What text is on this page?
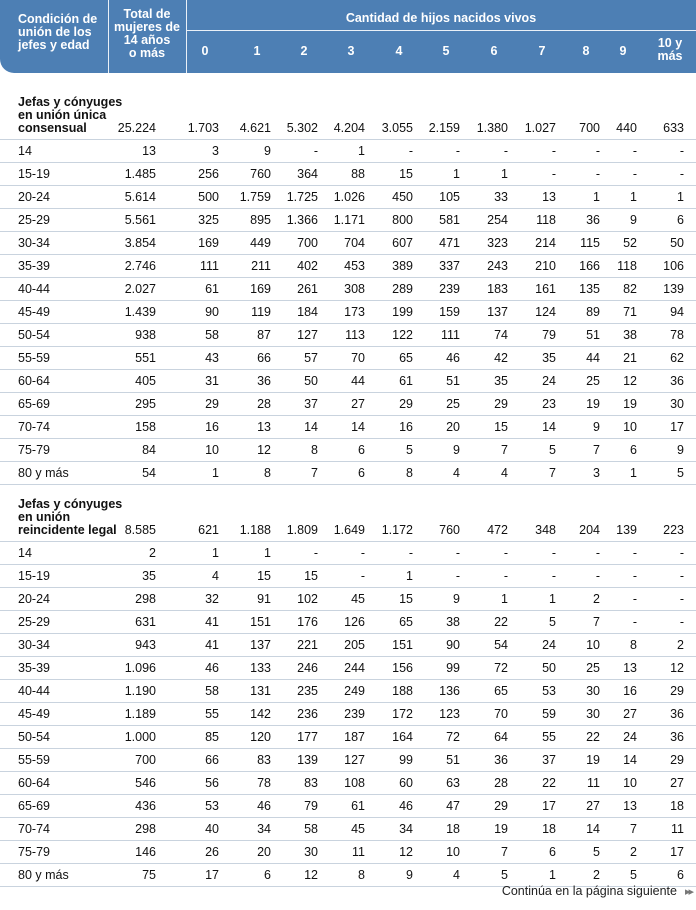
Condición de
unión de los
jefes y edad
Total de
mujeres de
14 años
o más
Cantidad de hijos nacidos vivos
0	1	2	3	4	5	6	7	8	9
10 y
más
Jefas y cónyuges
en unión única
consensual	25.224	1.703 4.621 5.302 4.204 3.055 2.159 1.380 1.027 700 440 633
14	13	3	9	-	1	-	-	-	-	-	-	-
15-19	1.485	256 760 364	88	15	1	1	-	-	-	-
20-24	5.614	500 1.759 1.725 1.026 450 105	33	13	1 1	1
25-29	5.561	325 895 1.366 1.171 800 581 254 118 36 9	6
30-34	3.854	169 449 700 704 607 471 323 214 115 52	50
35-39	2.746	111	211 402 453 389 337 243 210 166 118 106
40-44	2.027	61 169 261 308 289 239 183 161 135 82 139
45-49	1.439	90	119 184 173 199 159 137 124 89 71	94
50-54	938	58	87 127 113 122 111	74	79 51 38	78
55-59	551	43	66	57	70	65	46	42	35 44 21	62
60-64	405	31	36	50	44	61	51	35	24 25 12	36
65-69	295	29	28	37	27	29	25	29	23 19 19	30
70-74	158	16	13	14	14	16	20	15	14	9 10	17
75-79	84	10	12	8	6	5	9	7	5	7 6	9
80 y más	54	1	8	7	6	8	4	4	7	3 1	5
Jefas y cónyuges
en unión
reincidente legal 8.585	621 1.188 1.809 1.649 1.172 760 472 348 204 139 223
14	2	1	1	-	-	-	-	-	-	-	-	-
15-19	35	4	15	15	-	1	-	-	-	-	-	-
20-24	298	32	91 102	45	15	9	1	1	2	-	-
25-29	631	41 151 176 126	65	38	22	5	7	-	-
30-34	943	41 137 221 205 151	90	54	24 10 8	2
35-39	1.096	46 133 246 244 156	99	72	50 25 13	12
40-44	1.190	58 131 235 249 188 136	65	53 30 16	29
45-49	1.189	55 142 236 239 172 123	70	59 30 27	36
50-54	1.000	85 120 177 187 164	72	64	55 22 24	36
55-59	700	66	83 139 127	99	51	36	37 19 14	29
60-64	546	56	78	83 108	60	63	28	22 11 10	27
65-69	436	53	46	79	61	46	47	29	17 27 13	18
70-74	298	40	34	58	45	34	18	19	18 14 7	11
75-79	146	26	20	30	11	12	10	7	6	5 2	17
80 y más	75	17	6	12	8	9	4	5	1	2 5	6
Continúa en la página siguiente ▸▸
